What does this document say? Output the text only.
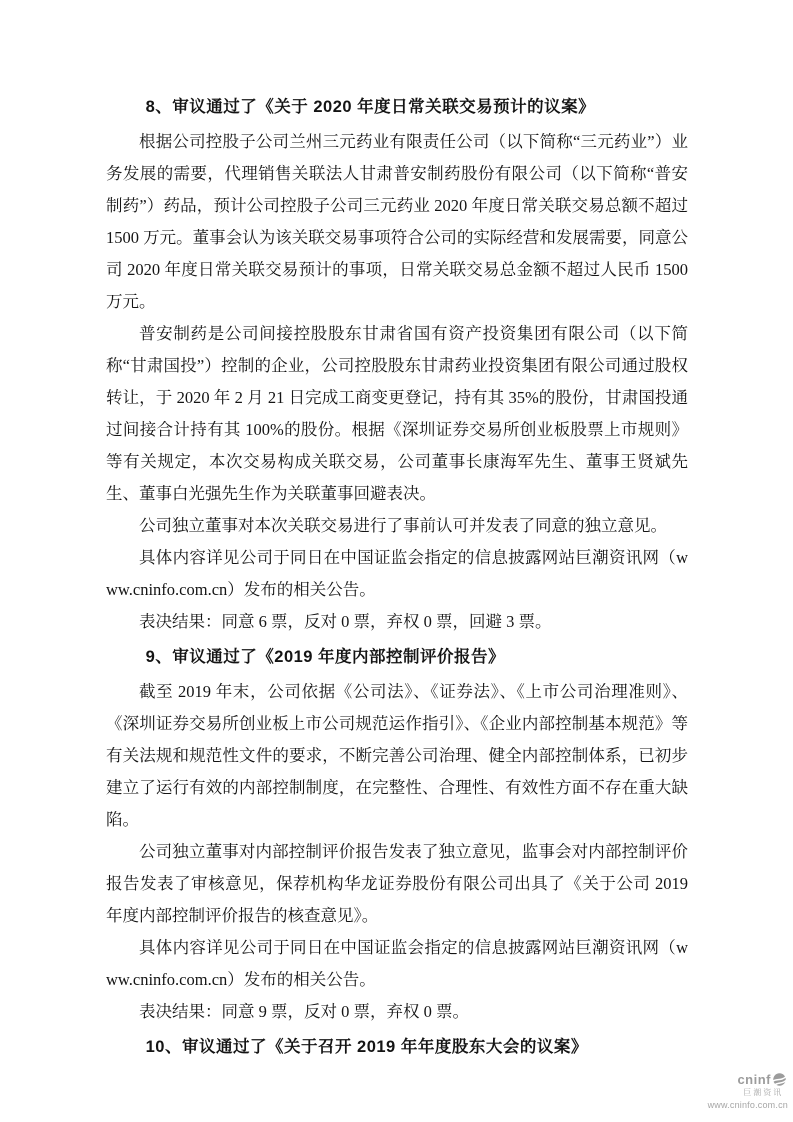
8、审议通过了《关于 2020 年度日常关联交易预计的议案》

根据公司控股子公司兰州三元药业有限责任公司（以下简称“三元药业”）业务发展的需要，代理销售关联法人甘肃普安制药股份有限公司（以下简称“普安制药”）药品，预计公司控股子公司三元药业 2020 年度日常关联交易总额不超过 1500 万元。董事会认为该关联交易事项符合公司的实际经营和发展需要，同意公司 2020 年度日常关联交易预计的事项，日常关联交易总金额不超过人民币 1500 万元。

普安制药是公司间接控股股东甘肃省国有资产投资集团有限公司（以下简称“甘肃国投”）控制的企业，公司控股股东甘肃药业投资集团有限公司通过股权转让，于 2020 年 2 月 21 日完成工商变更登记，持有其 35%的股份，甘肃国投通过间接合计持有其 100%的股份。根据《深圳证券交易所创业板股票上市规则》等有关规定，本次交易构成关联交易，公司董事长康海军先生、董事王贤斌先生、董事白光强先生作为关联董事回避表决。

公司独立董事对本次关联交易进行了事前认可并发表了同意的独立意见。

具体内容详见公司于同日在中国证监会指定的信息披露网站巨潮资讯网（www.cninfo.com.cn）发布的相关公告。

表决结果：同意 6 票，反对 0 票，弃权 0 票，回避 3 票。

9、审议通过了《2019 年度内部控制评价报告》

截至 2019 年末，公司依据《公司法》、《证券法》、《上市公司治理准则》、《深圳证券交易所创业板上市公司规范运作指引》、《企业内部控制基本规范》等有关法规和规范性文件的要求，不断完善公司治理、健全内部控制体系，已初步建立了运行有效的内部控制制度，在完整性、合理性、有效性方面不存在重大缺陷。

公司独立董事对内部控制评价报告发表了独立意见，监事会对内部控制评价报告发表了审核意见，保荐机构华龙证券股份有限公司出具了《关于公司 2019 年度内部控制评价报告的核查意见》。

具体内容详见公司于同日在中国证监会指定的信息披露网站巨潮资讯网（www.cninfo.com.cn）发布的相关公告。

表决结果：同意 9 票，反对 0 票，弃权 0 票。

10、审议通过了《关于召开 2019 年年度股东大会的议案》
cninf
巨潮资讯
www.cninfo.com.cn
